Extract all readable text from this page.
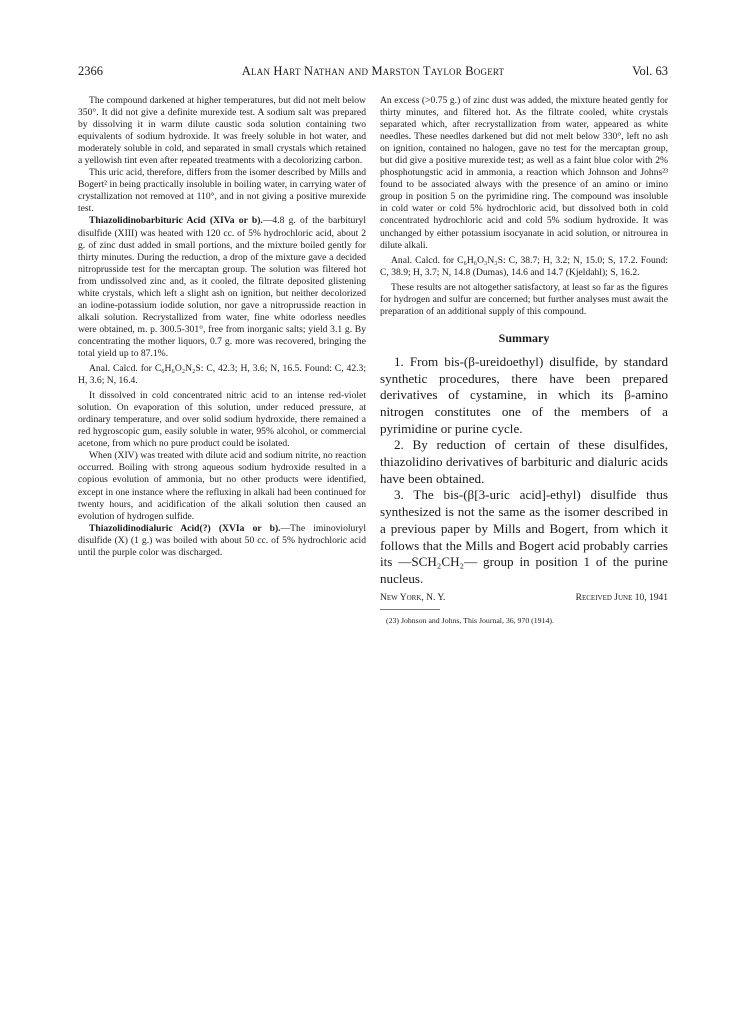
2366	Alan Hart Nathan and Marston Taylor Bogert	Vol. 63

The compound darkened at higher temperatures, but did not melt below 350°. It did not give a definite murexide test. A sodium salt was prepared by dissolving it in warm dilute caustic soda solution containing two equivalents of sodium hydroxide. It was freely soluble in hot water, and moderately soluble in cold, and separated in small crystals which retained a yellowish tint even after repeated treatments with a decolorizing carbon.

This uric acid, therefore, differs from the isomer described by Mills and Bogert² in being practically insoluble in boiling water, in carrying water of crystallization not removed at 110°, and in not giving a positive murexide test.

Thiazolidinobarbituric Acid (XIVa or b).—4.8 g. of the barbituryl disulfide (XIII) was heated with 120 cc. of 5% hydrochloric acid, about 2 g. of zinc dust added in small portions, and the mixture boiled gently for thirty minutes. During the reduction, a drop of the mixture gave a decided nitroprusside test for the mercaptan group. The solution was filtered hot from undissolved zinc and, as it cooled, the filtrate deposited glistening white crystals, which left a slight ash on ignition, but neither decolorized an iodine-potassium iodide solution, nor gave a nitroprusside reaction in alkali solution. Recrystallized from water, fine white odorless needles were obtained, m. p. 300.5-301°, free from inorganic salts; yield 3.1 g. By concentrating the mother liquors, 0.7 g. more was recovered, bringing the total yield up to 87.1%.

Anal. Calcd. for C₆H₆O₂N₂S: C, 42.3; H, 3.6; N, 16.5. Found: C, 42.3; H, 3.6; N, 16.4.

It dissolved in cold concentrated nitric acid to an intense red-violet solution. On evaporation of this solution, under reduced pressure, at ordinary temperature, and over solid sodium hydroxide, there remained a red hygroscopic gum, easily soluble in water, 95% alcohol, or commercial acetone, from which no pure product could be isolated.

When (XIV) was treated with dilute acid and sodium nitrite, no reaction occurred. Boiling with strong aqueous sodium hydroxide resulted in a copious evolution of ammonia, but no other products were identified, except in one instance where the refluxing in alkali had been continued for twenty hours, and acidification of the alkali solution then caused an evolution of hydrogen sulfide.

Thiazolidinodialuric Acid(?) (XVIa or b).—The iminovioluryl disulfide (X) (1 g.) was boiled with about 50 cc. of 5% hydrochloric acid until the purple color was discharged.

An excess (>0.75 g.) of zinc dust was added, the mixture heated gently for thirty minutes, and filtered hot. As the filtrate cooled, white crystals separated which, after recrystallization from water, appeared as white needles. These needles darkened but did not melt below 330°, left no ash on ignition, contained no halogen, gave no test for the mercaptan group, but did give a positive murexide test; as well as a faint blue color with 2% phosphotungstic acid in ammonia, a reaction which Johnson and Johns²³ found to be associated always with the presence of an amino or imino group in position 5 on the pyrimidine ring. The compound was insoluble in cold water or cold 5% hydrochloric acid, but dissolved both in cold concentrated hydrochloric acid and cold 5% sodium hydroxide. It was unchanged by either potassium isocyanate in acid solution, or nitrourea in dilute alkali.

Anal. Calcd. for C₆H₆O₃N₃S: C, 38.7; H, 3.2; N, 15.0; S, 17.2. Found: C, 38.9; H, 3.7; N, 14.8 (Dumas), 14.6 and 14.7 (Kjeldahl); S, 16.2.

These results are not altogether satisfactory, at least so far as the figures for hydrogen and sulfur are concerned; but further analyses must await the preparation of an additional supply of this compound.

Summary

1. From bis-(β-ureidoethyl) disulfide, by standard synthetic procedures, there have been prepared derivatives of cystamine, in which its β-amino nitrogen constitutes one of the members of a pyrimidine or purine cycle.

2. By reduction of certain of these disulfides, thiazolidino derivatives of barbituric and dialuric acids have been obtained.

3. The bis-(β[3-uric acid]-ethyl) disulfide thus synthesized is not the same as the isomer described in a previous paper by Mills and Bogert, from which it follows that the Mills and Bogert acid probably carries its —SCH₂CH₂— group in position 1 of the purine nucleus.

New York, N. Y.	Received June 10, 1941

(23) Johnson and Johns, This Journal, 36, 970 (1914).
